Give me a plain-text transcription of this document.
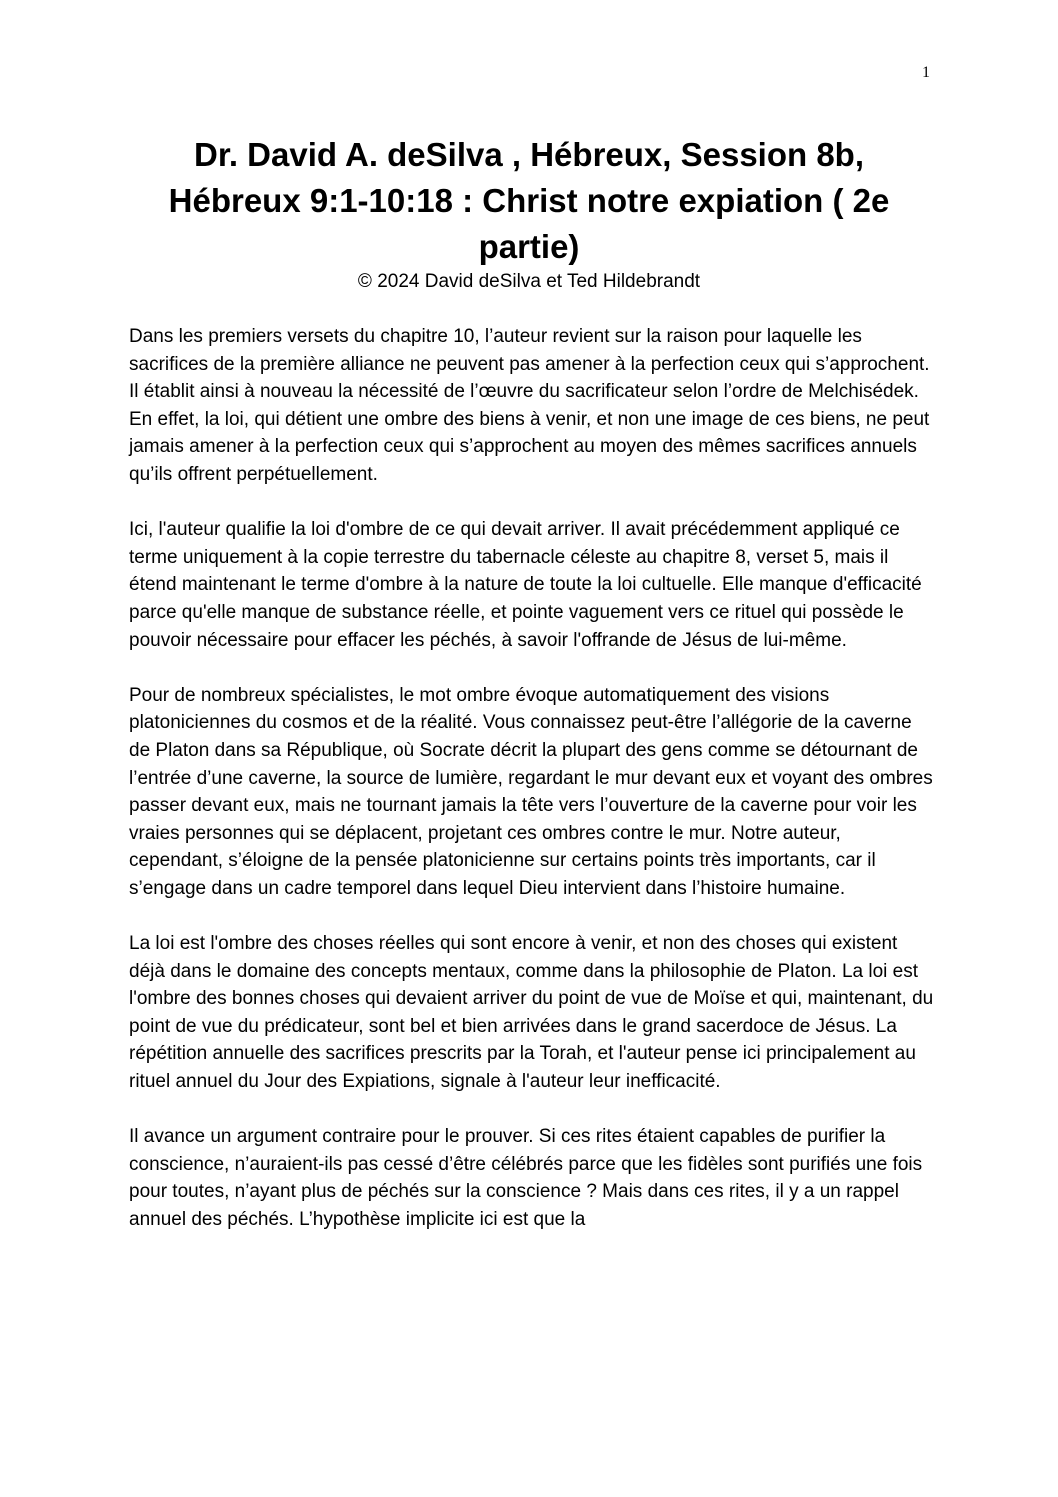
1
Dr. David A. deSilva , Hébreux, Session 8b, Hébreux 9:1-10:18 : Christ notre expiation ( 2e partie)
© 2024 David deSilva et Ted Hildebrandt

Dans les premiers versets du chapitre 10, l’auteur revient sur la raison pour laquelle les sacrifices de la première alliance ne peuvent pas amener à la perfection ceux qui s’approchent. Il établit ainsi à nouveau la nécessité de l’œuvre du sacrificateur selon l’ordre de Melchisédek. En effet, la loi, qui détient une ombre des biens à venir, et non une image de ces biens, ne peut jamais amener à la perfection ceux qui s’approchent au moyen des mêmes sacrifices annuels qu’ils offrent perpétuellement.

Ici, l'auteur qualifie la loi d'ombre de ce qui devait arriver. Il avait précédemment appliqué ce terme uniquement à la copie terrestre du tabernacle céleste au chapitre 8, verset 5, mais il étend maintenant le terme d'ombre à la nature de toute la loi cultuelle. Elle manque d'efficacité parce qu'elle manque de substance réelle, et pointe vaguement vers ce rituel qui possède le pouvoir nécessaire pour effacer les péchés, à savoir l'offrande de Jésus de lui-même.

Pour de nombreux spécialistes, le mot ombre évoque automatiquement des visions platoniciennes du cosmos et de la réalité. Vous connaissez peut-être l’allégorie de la caverne de Platon dans sa République, où Socrate décrit la plupart des gens comme se détournant de l’entrée d’une caverne, la source de lumière, regardant le mur devant eux et voyant des ombres passer devant eux, mais ne tournant jamais la tête vers l’ouverture de la caverne pour voir les vraies personnes qui se déplacent, projetant ces ombres contre le mur. Notre auteur, cependant, s’éloigne de la pensée platonicienne sur certains points très importants, car il s’engage dans un cadre temporel dans lequel Dieu intervient dans l’histoire humaine.

La loi est l'ombre des choses réelles qui sont encore à venir, et non des choses qui existent déjà dans le domaine des concepts mentaux, comme dans la philosophie de Platon. La loi est l'ombre des bonnes choses qui devaient arriver du point de vue de Moïse et qui, maintenant, du point de vue du prédicateur, sont bel et bien arrivées dans le grand sacerdoce de Jésus. La répétition annuelle des sacrifices prescrits par la Torah, et l'auteur pense ici principalement au rituel annuel du Jour des Expiations, signale à l'auteur leur inefficacité.

Il avance un argument contraire pour le prouver. Si ces rites étaient capables de purifier la conscience, n’auraient-ils pas cessé d’être célébrés parce que les fidèles sont purifiés une fois pour toutes, n’ayant plus de péchés sur la conscience ? Mais dans ces rites, il y a un rappel annuel des péchés. L’hypothèse implicite ici est que la
